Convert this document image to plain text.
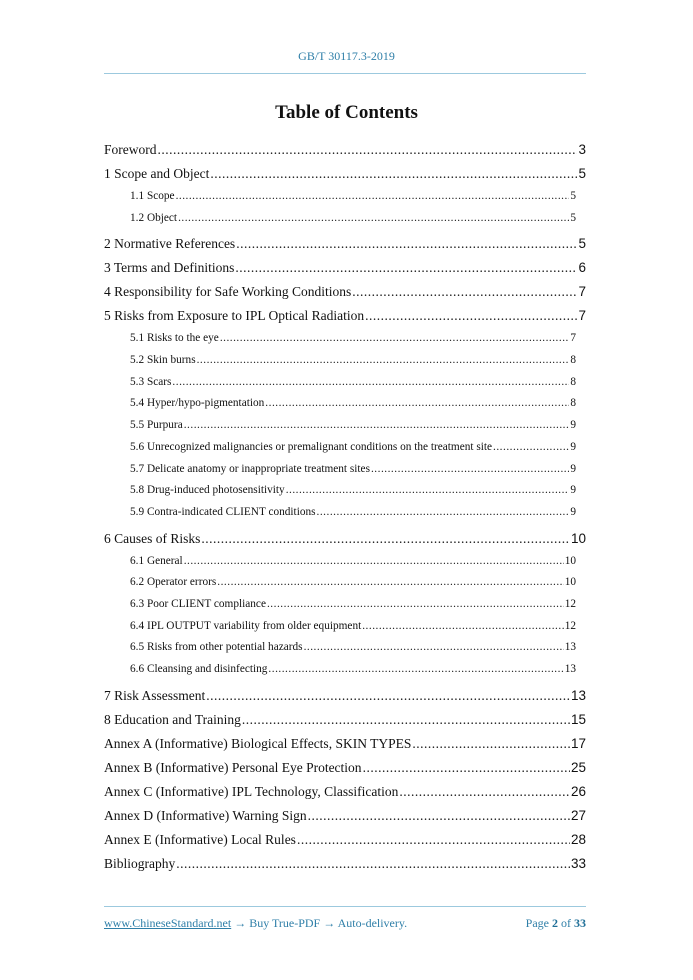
GB/T 30117.3-2019
Table of Contents
Foreword .....	3
1 Scope and Object .....	5
1.1 Scope .....	5
1.2 Object .....	5
2 Normative References .....	5
3 Terms and Definitions .....	6
4 Responsibility for Safe Working Conditions .....	7
5 Risks from Exposure to IPL Optical Radiation .....	7
5.1 Risks to the eye .....	7
5.2 Skin burns .....	8
5.3 Scars .....	8
5.4 Hyper/hypo-pigmentation .....	8
5.5 Purpura .....	9
5.6 Unrecognized malignancies or premalignant conditions on the treatment site .....	9
5.7 Delicate anatomy or inappropriate treatment sites .....	9
5.8 Drug-induced photosensitivity .....	9
5.9 Contra-indicated CLIENT conditions .....	9
6 Causes of Risks .....	10
6.1 General .....	10
6.2 Operator errors .....	10
6.3 Poor CLIENT compliance .....	12
6.4 IPL OUTPUT variability from older equipment .....	12
6.5 Risks from other potential hazards .....	13
6.6 Cleansing and disinfecting .....	13
7 Risk Assessment .....	13
8 Education and Training .....	15
Annex A (Informative) Biological Effects, SKIN TYPES .....	17
Annex B (Informative) Personal Eye Protection .....	25
Annex C (Informative) IPL Technology, Classification .....	26
Annex D (Informative) Warning Sign .....	27
Annex E (Informative) Local Rules .....	28
Bibliography .....	33
www.ChineseStandard.net → Buy True-PDF → Auto-delivery.	Page 2 of 33
